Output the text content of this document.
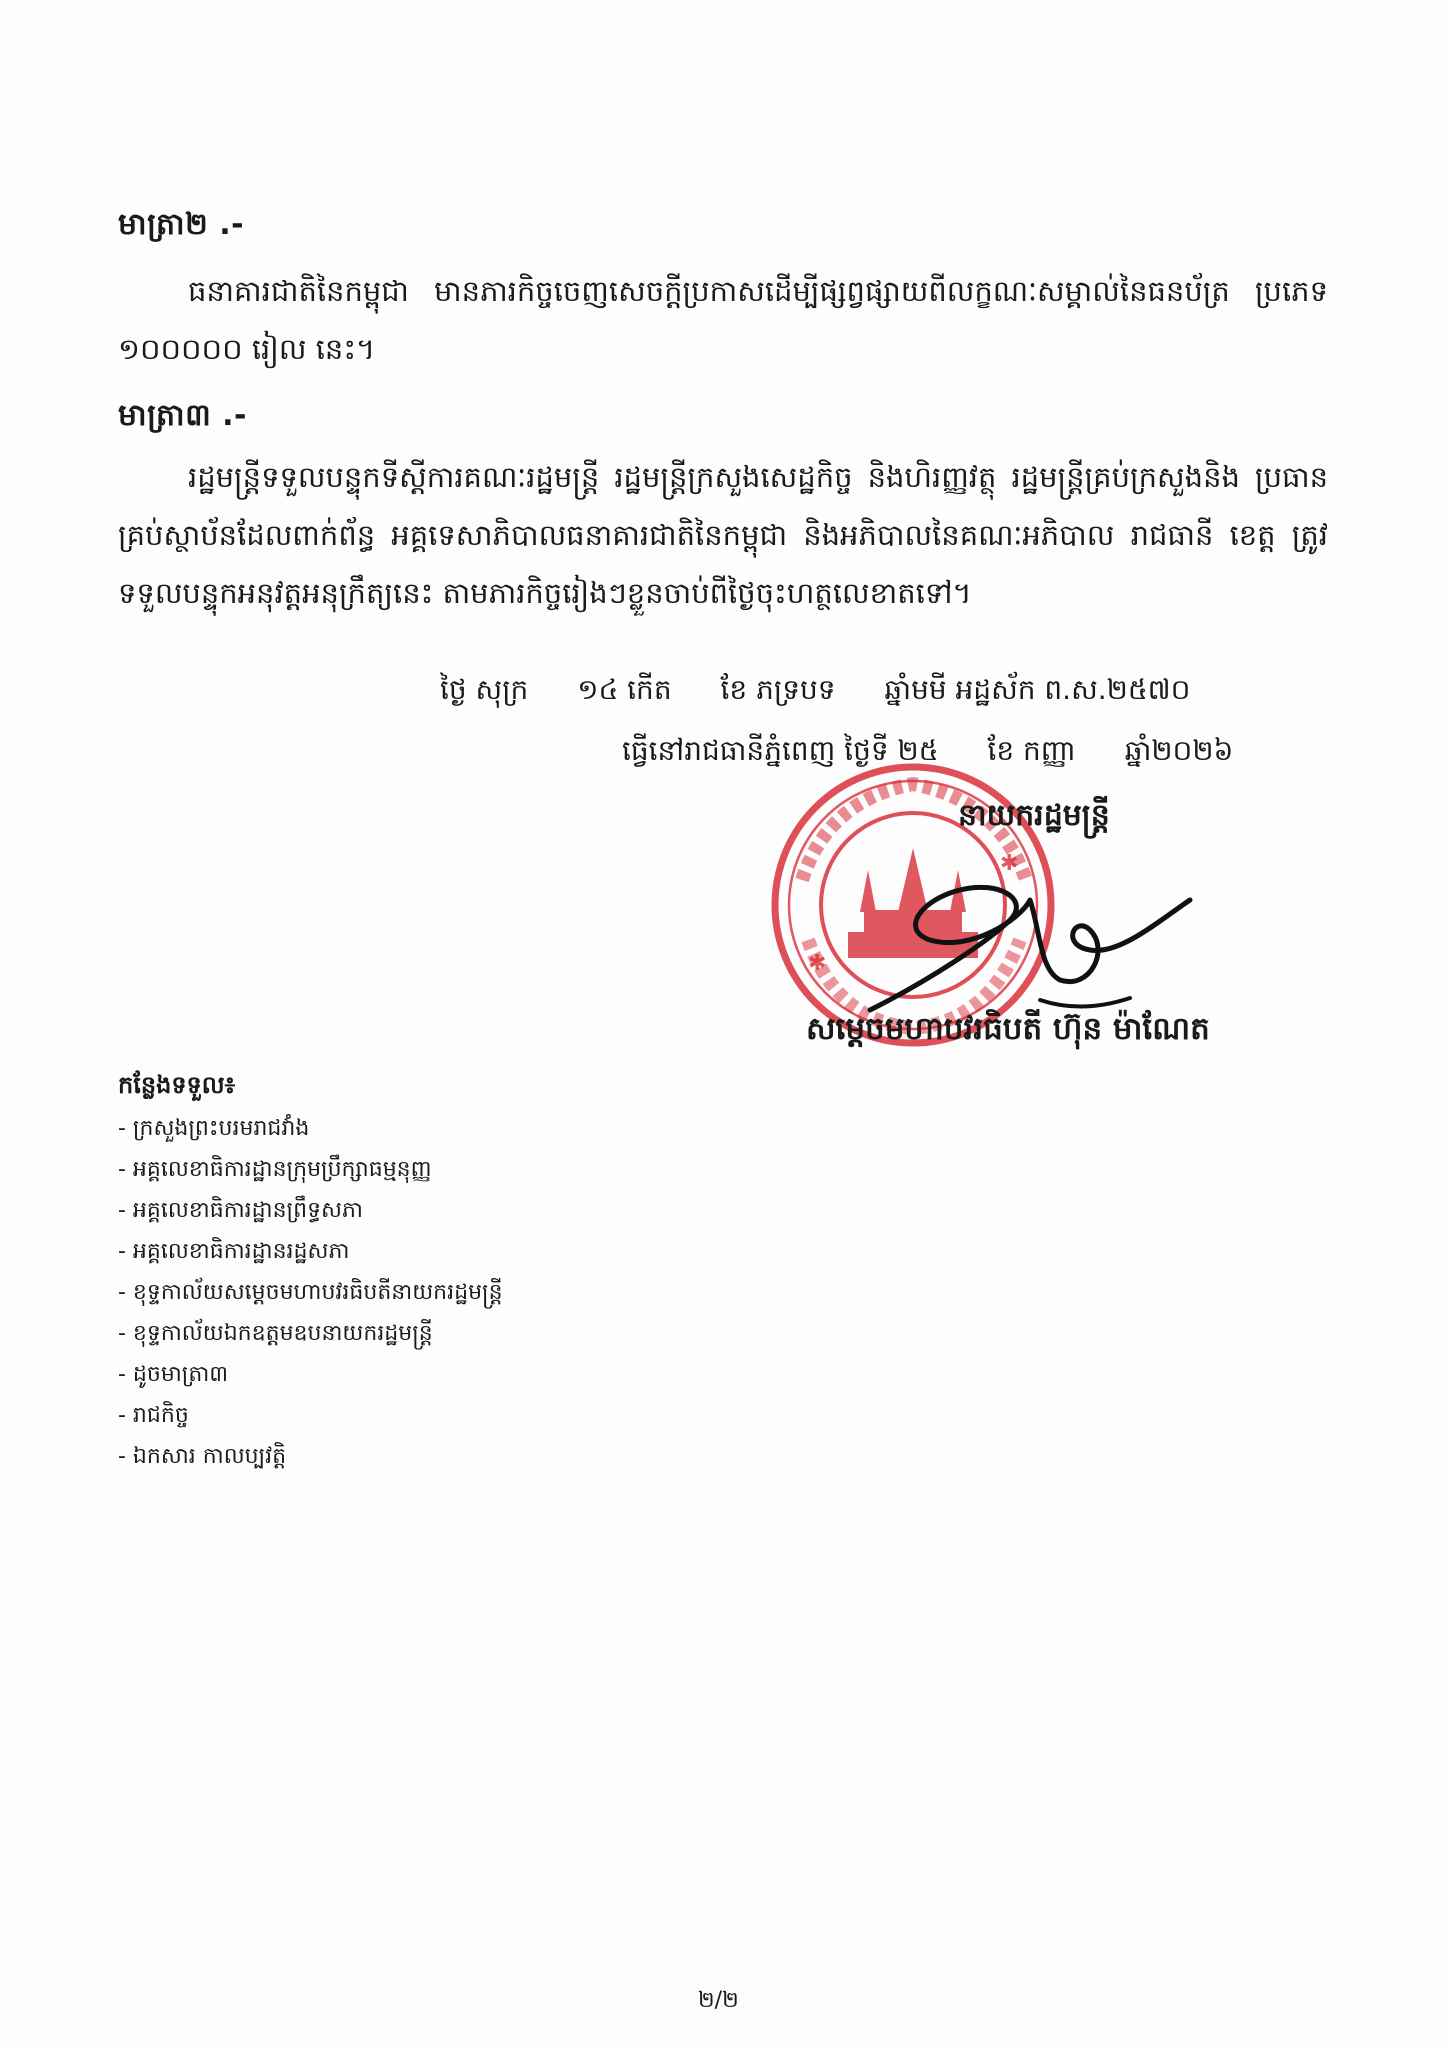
មាត្រា២ .-
ធនាគារជាតិនៃកម្ពុជា មានភារកិច្ចចេញសេចក្តីប្រកាសដើម្បីផ្សព្វផ្សាយពីលក្ខណៈសម្គាល់នៃធនប័ត្រ ប្រភេទ ១០០០០០ រៀល នេះ។
មាត្រា៣ .-
រដ្ឋមន្ត្រីទទួលបន្ទុកទីស្តីការគណៈរដ្ឋមន្ត្រី រដ្ឋមន្ត្រីក្រសួងសេដ្ឋកិច្ច និងហិរញ្ញវត្ថុ រដ្ឋមន្ត្រីគ្រប់ក្រសួងនិង ប្រធានគ្រប់ស្ថាប័នដែលពាក់ព័ន្ធ អគ្គទេសាភិបាលធនាគារជាតិនៃកម្ពុជា និងអភិបាលនៃគណៈអភិបាល រាជធានី ខេត្ត ត្រូវទទួលបន្ទុកអនុវត្តអនុក្រឹត្យនេះ តាមភារកិច្ចរៀងៗខ្លួនចាប់ពីថ្ងៃចុះហត្ថលេខាតទៅ។
ថ្ងៃ សុក្រ ១៤ កើត ខែ ភទ្របទ ឆ្នាំមមី អដ្ឋស័ក ព.ស.២៥៧០
ធ្វើនៅរាជធានីភ្នំពេញ ថ្ងៃទី ២៥ ខែ កញ្ញា ឆ្នាំ២០២៦
✱
✱
នាយករដ្ឋមន្ត្រី
សម្តេចមហាបវរធិបតី ហ៊ុន ម៉ាណែត
កន្លែងទទួល៖
- ក្រសួងព្រះបរមរាជវាំង
- អគ្គលេខាធិការដ្ឋានក្រុមប្រឹក្សាធម្មនុញ្ញ
- អគ្គលេខាធិការដ្ឋានព្រឹទ្ធសភា
- អគ្គលេខាធិការដ្ឋានរដ្ឋសភា
- ខុទ្ទកាល័យសម្តេចមហាបវរធិបតីនាយករដ្ឋមន្ត្រី
- ខុទ្ទកាល័យឯកឧត្តមឧបនាយករដ្ឋមន្ត្រី
- ដូចមាត្រា៣
- រាជកិច្ច
- ឯកសារ កាលប្បវត្តិ
២/២
